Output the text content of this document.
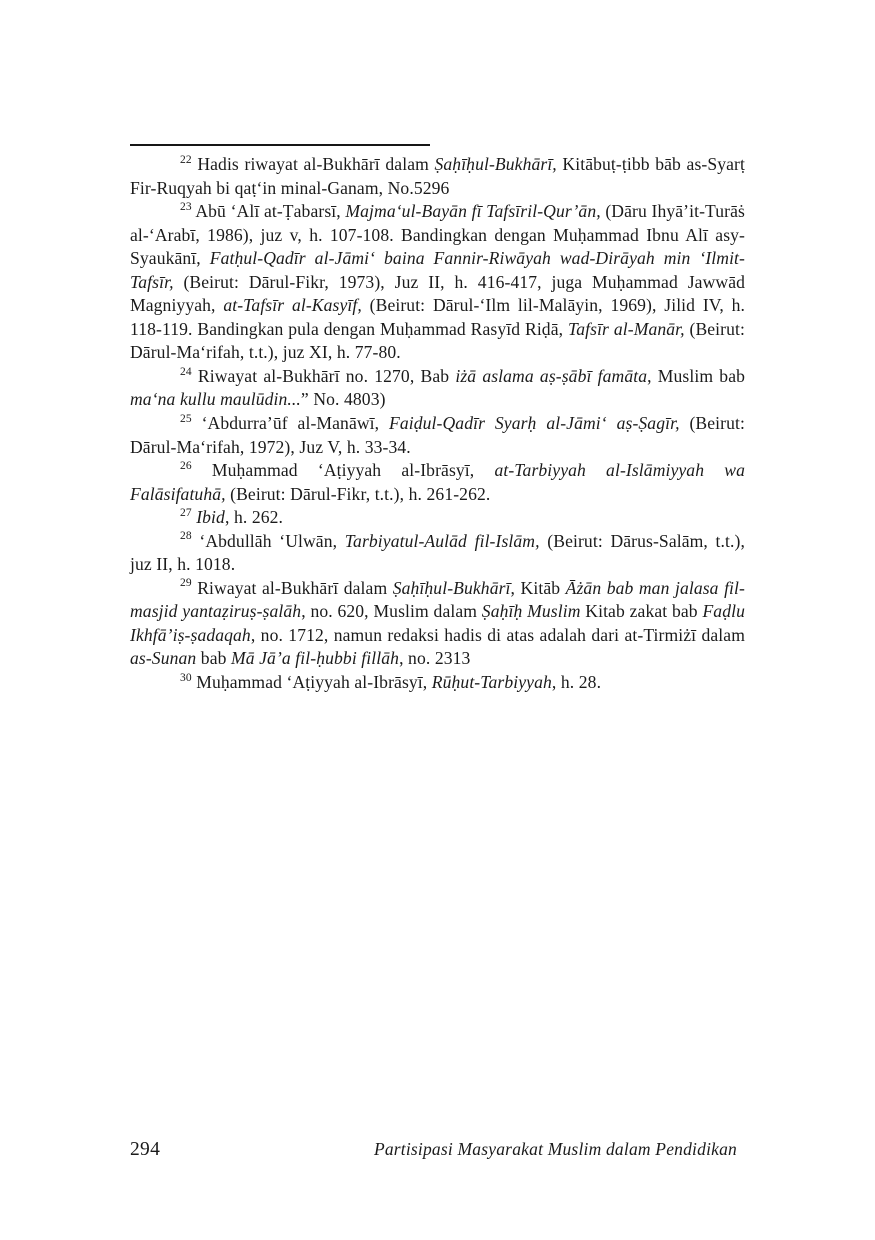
$^{22}$ Hadis riwayat al-Bukhārī dalam Ṣaḥīḥul-Bukhārī, Kitābuṭ-ṭibb bāb as-Syarṭ Fir-Ruqyah bi qaṭ‘in minal-Ganam, No.5296

$^{23}$ Abū ‘Alī at-Ṭabarsī, Majma‘ul-Bayān fī Tafsīril-Qur’ān, (Dāru Ihyā’it-Turāṡ al-‘Arabī, 1986), juz v, h. 107-108. Bandingkan dengan Muḥammad Ibnu Alī asy-Syaukānī, Fatḥul-Qadīr al-Jāmi‘ baina Fannir-Riwāyah wad-Dirāyah min ‘Ilmit-Tafsīr, (Beirut: Dārul-Fikr, 1973), Juz II, h. 416-417, juga Muḥammad Jawwād Magniyyah, at-Tafsīr al-Kasyīf, (Beirut: Dārul-‘Ilm lil-Malāyin, 1969), Jilid IV, h. 118-119. Bandingkan pula dengan Muḥammad Rasyīd Riḍā, Tafsīr al-Manār, (Beirut: Dārul-Ma‘rifah, t.t.), juz XI, h. 77-80.

$^{24}$ Riwayat al-Bukhārī no. 1270, Bab iżā aslama aṣ-ṣābī famāta, Muslim bab ma‘na kullu maulūdin...” No. 4803)

$^{25}$ ‘Abdurra’ūf al-Manāwī, Faiḍul-Qadīr Syarḥ al-Jāmi‘ aṣ-Ṣagīr, (Beirut: Dārul-Ma‘rifah, 1972), Juz V, h. 33-34.

$^{26}$ Muḥammad ‘Aṭiyyah al-Ibrāsyī, at-Tarbiyyah al-Islāmiyyah wa Falāsifatuhā, (Beirut: Dārul-Fikr, t.t.), h. 261-262.

$^{27}$ Ibid, h. 262.

$^{28}$ ‘Abdullāh ‘Ulwān, Tarbiyatul-Aulād fil-Islām, (Beirut: Dārus-Salām, t.t.), juz II, h. 1018.

$^{29}$ Riwayat al-Bukhārī dalam Ṣaḥīḥul-Bukhārī, Kitāb Āżān bab man jalasa fil-masjid yantaẓiruṣ-ṣalāh, no. 620, Muslim dalam Ṣaḥīḥ Muslim Kitab zakat bab Faḍlu Ikhfā’iṣ-ṣadaqah, no. 1712, namun redaksi hadis di atas adalah dari at-Tirmiżī dalam as-Sunan bab Mā Jā’a fil-ḥubbi fillāh, no. 2313

$^{30}$ Muḥammad ‘Aṭiyyah al-Ibrāsyī, Rūḥut-Tarbiyyah, h. 28.

294	Partisipasi Masyarakat Muslim dalam Pendidikan
